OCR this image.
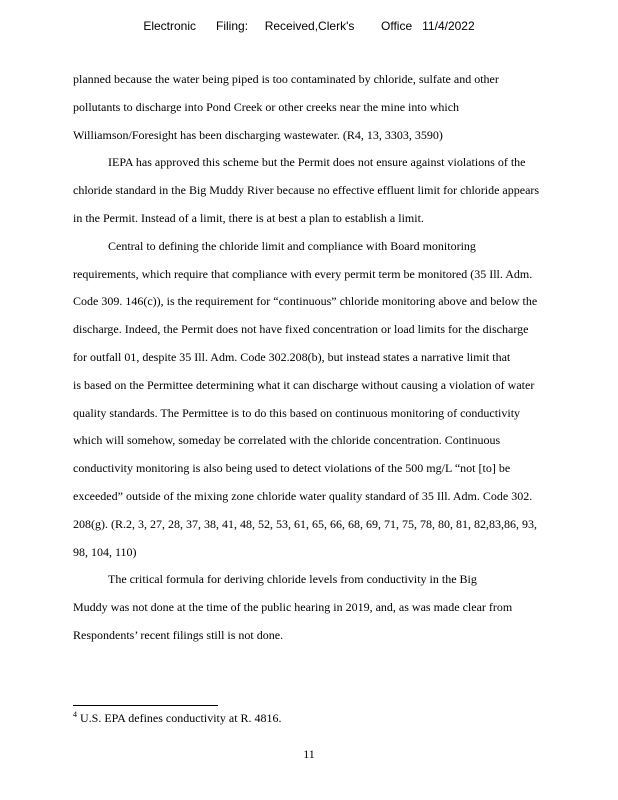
Electronic      Filing:     Received,Clerk's        Office   11/4/2022
planned because the water being piped is too contaminated by chloride, sulfate and other
pollutants to discharge into Pond Creek or other creeks near the mine into which
Williamson/Foresight has been discharging wastewater. (R4, 13, 3303, 3590)
IEPA has approved this scheme but the Permit does not ensure against violations of the
chloride standard in the Big Muddy River because no effective effluent limit for chloride appears
in the Permit. Instead of a limit, there is at best a plan to establish a limit.
Central to defining the chloride limit and compliance with Board monitoring
requirements, which require that compliance with every permit term be monitored (35 Ill. Adm.
Code 309. 146(c)), is the requirement for “continuous” chloride monitoring above and below the
discharge. Indeed, the Permit does not have fixed concentration or load limits for the discharge
for outfall 01, despite 35 Ill. Adm. Code 302.208(b), but instead states a narrative limit that
is based on the Permittee determining what it can discharge without causing a violation of water
quality standards. The Permittee is to do this based on continuous monitoring of conductivity
which will somehow, someday be correlated with the chloride concentration. Continuous
conductivity monitoring is also being used to detect violations of the 500 mg/L “not [to] be
exceeded” outside of the mixing zone chloride water quality standard of 35 Ill. Adm. Code 302.
208(g). (R.2, 3, 27, 28, 37, 38, 41, 48, 52, 53, 61, 65, 66, 68, 69, 71, 75, 78, 80, 81, 82,83,86, 93,
98, 104, 110)
The critical formula for deriving chloride levels from conductivity in the Big
Muddy was not done at the time of the public hearing in 2019, and, as was made clear from
Respondents’ recent filings still is not done.
$^4$ U.S. EPA defines conductivity at R. 4816.
11
